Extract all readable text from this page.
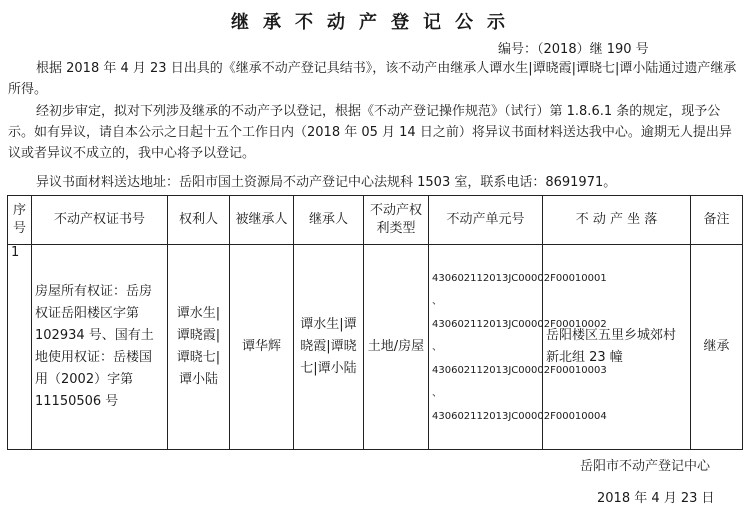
继承不动产登记公示
编号：（2018）继 190 号
根据 2018 年 4 月 23 日出具的《继承不动产登记具结书》，该不动产由继承人谭水生|谭晓霞|谭晓七|谭小陆通过遗产继承所得。
经初步审定，拟对下列涉及继承的不动产予以登记，根据《不动产登记操作规范》（试行）第 1.8.6.1 条的规定，现予公示。如有异议，请自本公示之日起十五个工作日内（2018 年 05 月 14 日之前）将异议书面材料送达我中心。逾期无人提出异议或者异议不成立的，我中心将予以登记。
异议书面材料送达地址：岳阳市国土资源局不动产登记中心法规科 1503 室，联系电话：8691971。
序号	不动产权证书号	权利人	被继承人	继承人	不动产权利类型	不动产单元号	不 动 产 坐 落	备注
1	房屋所有权证：岳房权证岳阳楼区字第 102934 号、国有土地使用权证：岳楼国用（2002）字第 11150506 号	谭水生|谭晓霞|谭晓七|谭小陆	谭华辉	谭水生|谭晓霞|谭晓七|谭小陆	土地/房屋	430602112013JC00002F00010001 、430602112013JC00002F00010002 、430602112013JC00002F00010003 、430602112013JC00002F00010004	岳阳楼区五里乡城郊村新北组 23 幢	继承
岳阳市不动产登记中心
2018 年 4 月 23 日
